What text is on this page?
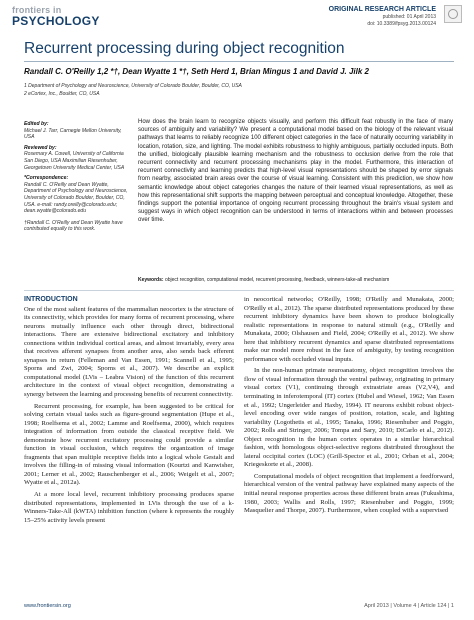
frontiers in
PSYCHOLOGY
ORIGINAL RESEARCH ARTICLE
published: 01 April 2013
doi: 10.3389/fpsyg.2013.00124
Recurrent processing during object recognition
Randall C. O'Reilly 1,2 *†, Dean Wyatte 1 *†, Seth Herd 1, Brian Mingus 1 and David J. Jilk 2
1 Department of Psychology and Neuroscience, University of Colorado Boulder, Boulder, CO, USA
2 eCortex, Inc., Boulder, CO, USA
Edited by:
Michael J. Tarr, Carnegie Mellon University, USA
Reviewed by:
Rosemary A. Cowell, University of California San Diego, USA Maximilian Riesenhuber, Georgetown University Medical Center, USA
*Correspondence:
Randall C. O'Reilly and Dean Wyatte, Department of Psychology and Neuroscience, University of Colorado Boulder, Boulder, CO, USA. e-mail: randy.oreilly@colorado.edu; dean.wyatte@colorado.edu
†Randall C. O'Reilly and Dean Wyatte have contributed equally to this work.
How does the brain learn to recognize objects visually, and perform this difficult feat robustly in the face of many sources of ambiguity and variability? We present a computational model based on the biology of the relevant visual pathways that learns to reliably recognize 100 different object categories in the face of naturally occurring variability in location, rotation, size, and lighting. The model exhibits robustness to highly ambiguous, partially occluded inputs. Both the unified, biologically plausible learning mechanism and the robustness to occlusion derive from the role that recurrent connectivity and recurrent processing mechanisms play in the model. Furthermore, this interaction of recurrent connectivity and learning predicts that high-level visual representations should be shaped by error signals from nearby, associated brain areas over the course of visual learning. Consistent with this prediction, we show how semantic knowledge about object categories changes the nature of their learned visual representations, as well as how this representational shift supports the mapping between perceptual and conceptual knowledge. Altogether, these findings support the potential importance of ongoing recurrent processing throughout the brain's visual system and suggest ways in which object recognition can be understood in terms of interactions within and between processes over time.
Keywords: object recognition, computational model, recurrent processing, feedback, winners-take-all mechanism
INTRODUCTION

One of the most salient features of the mammalian neocortex is the structure of its connectivity, which provides for many forms of recurrent processing, where neurons mutually influence each other through direct, bidirectional interactions. There are extensive bidirectional excitatory and inhibitory connections within individual cortical areas, and almost invariably, every area that receives afferent synapses from another area, also sends back efferent synapses in return (Felleman and Van Essen, 1991; Scannell et al., 1995; Sporns and Zwi, 2004; Sporns et al., 2007). We describe an explicit computational model (LVis – Leabra Vision) of the function of this recurrent architecture in the context of visual object recognition, demonstrating a synergy between the learning and processing benefits of recurrent connectivity.

Recurrent processing, for example, has been suggested to be critical for solving certain visual tasks such as figure-ground segmentation (Hupe et al., 1998; Roelfsema et al., 2002; Lamme and Roelfsema, 2000), which requires integration of information from outside the classical receptive field. We demonstrate how recurrent excitatory processing could provide a similar function in visual occlusion, which requires the organization of image fragments that span multiple receptive fields into a logical whole Gestalt and involves the filling-in of missing visual information (Kourtzi and Kanwisher, 2001; Lerner et al., 2002; Rauschenberger et al., 2006; Weigelt et al., 2007; Wyatte et al., 2012a).

At a more local level, recurrent inhibitory processing produces sparse distributed representations, implemented in LVis through the use of a k-Winners-Take-All (kWTA) inhibition function (where k represents the roughly 15–25% activity levels present

in neocortical networks; O'Reilly, 1998; O'Reilly and Munakata, 2000; O'Reilly et al., 2012). The sparse distributed representations produced by these recurrent inhibitory dynamics have been shown to produce biologically realistic representations in response to natural stimuli (e.g., O'Reilly and Munakata, 2000; Olshausen and Field, 2004; O'Reilly et al., 2012). We show here that inhibitory recurrent dynamics and sparse distributed representations make our model more robust in the face of ambiguity, by testing recognition performance with occluded visual inputs.

In the non-human primate neuroanatomy, object recognition involves the flow of visual information through the ventral pathway, originating in primary visual cortex (V1), continuing through extrastriate areas (V2,V4), and terminating in inferotemporal (IT) cortex (Hubel and Wiesel, 1962; Van Essen et al., 1992; Ungerleider and Haxby, 1994). IT neurons exhibit robust object-level encoding over wide ranges of position, rotation, scale, and lighting variability (Logothetis et al., 1995; Tanaka, 1996; Riesenhuber and Poggio, 2002; Rolls and Stringer, 2006; Tompa and Sary, 2010; DiCarlo et al., 2012). Object recognition in the human cortex operates in a similar hierarchical fashion, with homologous object-selective regions distributed throughout the lateral occipital cortex (LOC) (Grill-Spector et al., 2001; Orban et al., 2004; Kriegeskorte et al., 2008).

Computational models of object recognition that implement a feedforward, hierarchical version of the ventral pathway have explained many aspects of the initial neural response properties across these different brain areas (Fukushima, 1980, 2003; Wallis and Rolls, 1997; Riesenhuber and Poggio, 1999; Masquelier and Thorpe, 2007). Furthermore, when coupled with a supervised

www.frontiersin.org	April 2013 | Volume 4 | Article 124 | 1
